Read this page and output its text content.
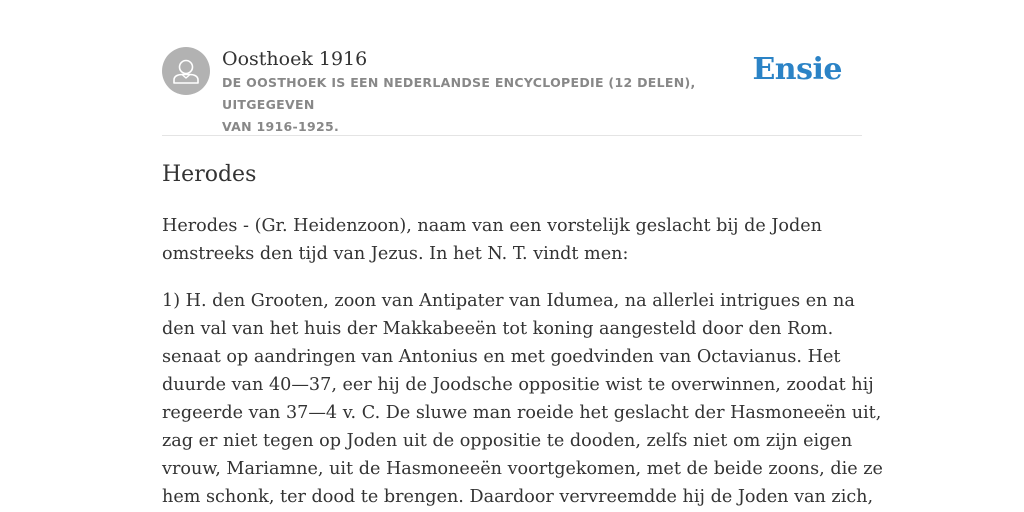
Oosthoek 1916
DE OOSTHOEK IS EEN NEDERLANDSE ENCYCLOPEDIE (12 DELEN), UITGEGEVEN
VAN 1916-1925.
Ensie
Herodes

Herodes - (Gr. Heidenzoon), naam van een vorstelijk geslacht bij de Joden
omstreeks den tijd van Jezus. In het N. T. vindt men:

1) H. den Grooten, zoon van Antipater van Idumea, na allerlei intrigues en na
den val van het huis der Makkabeeën tot koning aangesteld door den Rom.
senaat op aandringen van Antonius en met goedvinden van Octavianus. Het
duurde van 40—37, eer hij de Joodsche oppositie wist te overwinnen, zoodat hij
regeerde van 37—4 v. C. De sluwe man roeide het geslacht der Hasmoneeën uit,
zag er niet tegen op Joden uit de oppositie te dooden, zelfs niet om zijn eigen
vrouw, Mariamne, uit de Hasmoneeën voortgekomen, met de beide zoons, die ze
hem schonk, ter dood te brengen. Daardoor vervreemdde hij de Joden van zich,
